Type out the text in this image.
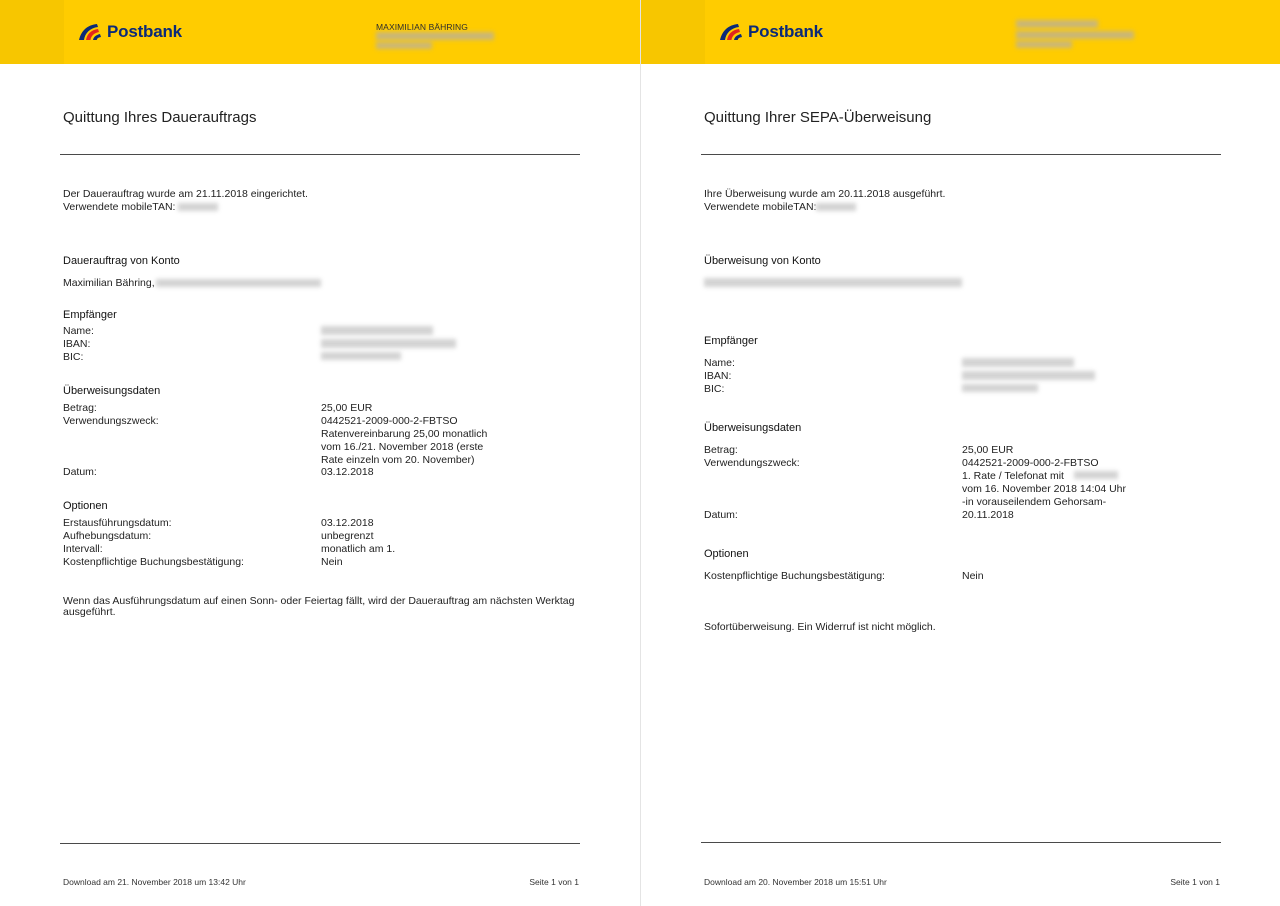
Postbank	MAXIMILIAN BÄHRING
Quittung Ihres Dauerauftrags
Der Dauerauftrag wurde am 21.11.2018 eingerichtet.
Verwendete mobileTAN:
Dauerauftrag von Konto
Maximilian Bähring,
Empfänger
Name:
IBAN:
BIC:
Überweisungsdaten
Betrag:	25,00 EUR
Verwendungszweck:	0442521-2009-000-2-FBTSO
Ratenvereinbarung 25,00 monatlich
vom 16./21. November 2018 (erste
Rate einzeln vom 20. November)
Datum:	03.12.2018
Optionen
Erstausführungsdatum:	03.12.2018
Aufhebungsdatum:	unbegrenzt
Intervall:	monatlich am 1.
Kostenpflichtige Buchungsbestätigung:	Nein
Wenn das Ausführungsdatum auf einen Sonn- oder Feiertag fällt, wird der Dauerauftrag am nächsten Werktag
ausgeführt.
Download am 21. November 2018 um 13:42 Uhr	Seite 1 von 1
Postbank
Quittung Ihrer SEPA-Überweisung
Ihre Überweisung wurde am 20.11.2018 ausgeführt.
Verwendete mobileTAN:
Überweisung von Konto
Empfänger
Name:
IBAN:
BIC:
Überweisungsdaten
Betrag:	25,00 EUR
Verwendungszweck:	0442521-2009-000-2-FBTSO
1. Rate / Telefonat mit
vom 16. November 2018 14:04 Uhr
-in vorauseilendem Gehorsam-
Datum:	20.11.2018
Optionen
Kostenpflichtige Buchungsbestätigung:	Nein
Sofortüberweisung. Ein Widerruf ist nicht möglich.
Download am 20. November 2018 um 15:51 Uhr	Seite 1 von 1
